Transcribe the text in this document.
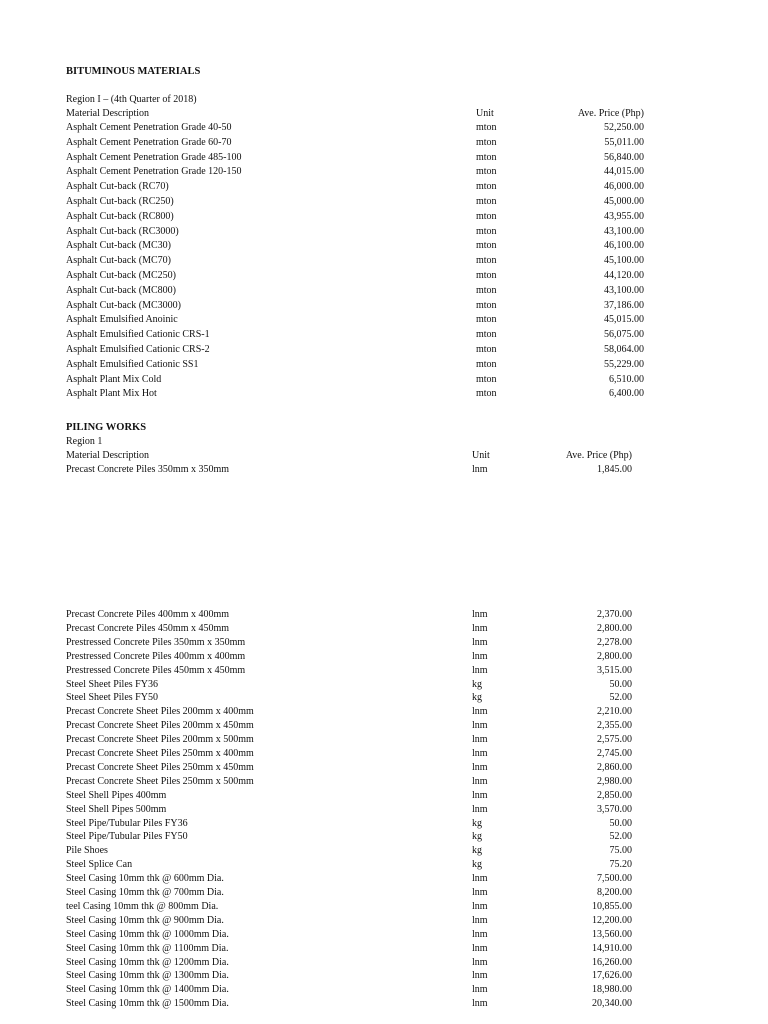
BITUMINOUS MATERIALS
Region I – (4th Quarter of 2018)
Material Description	Unit	Ave. Price (Php)
Asphalt Cement Penetration Grade 40-50	mton	52,250.00
Asphalt Cement Penetration Grade 60-70	mton	55,011.00
Asphalt Cement Penetration Grade 485-100	mton	56,840.00
Asphalt Cement Penetration Grade 120-150	mton	44,015.00
Asphalt Cut-back (RC70)	mton	46,000.00
Asphalt Cut-back (RC250)	mton	45,000.00
Asphalt Cut-back (RC800)	mton	43,955.00
Asphalt Cut-back (RC3000)	mton	43,100.00
Asphalt Cut-back (MC30)	mton	46,100.00
Asphalt Cut-back (MC70)	mton	45,100.00
Asphalt Cut-back (MC250)	mton	44,120.00
Asphalt Cut-back (MC800)	mton	43,100.00
Asphalt Cut-back (MC3000)	mton	37,186.00
Asphalt Emulsified Anoinic	mton	45,015.00
Asphalt Emulsified Cationic CRS-1	mton	56,075.00
Asphalt Emulsified Cationic CRS-2	mton	58,064.00
Asphalt Emulsified Cationic SS1	mton	55,229.00
Asphalt Plant Mix Cold	mton	6,510.00
Asphalt Plant Mix Hot	mton	6,400.00
PILING WORKS
Region 1
Material Description	Unit	Ave. Price (Php)
Precast Concrete Piles 350mm x 350mm	lnm	1,845.00
Precast Concrete Piles 400mm x 400mm	lnm	2,370.00
Precast Concrete Piles 450mm x 450mm	lnm	2,800.00
Prestressed Concrete Piles 350mm x 350mm	lnm	2,278.00
Prestressed Concrete Piles 400mm x 400mm	lnm	2,800.00
Prestressed Concrete Piles 450mm x 450mm	lnm	3,515.00
Steel Sheet Piles FY36	kg	50.00
Steel Sheet Piles FY50	kg	52.00
Precast Concrete Sheet Piles 200mm x 400mm	lnm	2,210.00
Precast Concrete Sheet Piles 200mm x 450mm	lnm	2,355.00
Precast Concrete Sheet Piles 200mm x 500mm	lnm	2,575.00
Precast Concrete Sheet Piles 250mm x 400mm	lnm	2,745.00
Precast Concrete Sheet Piles 250mm x 450mm	lnm	2,860.00
Precast Concrete Sheet Piles 250mm x 500mm	lnm	2,980.00
Steel Shell Pipes 400mm	lnm	2,850.00
Steel Shell Pipes 500mm	lnm	3,570.00
Steel Pipe/Tubular Piles FY36	kg	50.00
Steel Pipe/Tubular Piles FY50	kg	52.00
Pile Shoes	kg	75.00
Steel Splice Can	kg	75.20
Steel Casing 10mm thk @ 600mm Dia.	lnm	7,500.00
Steel Casing 10mm thk @ 700mm Dia.	lnm	8,200.00
teel Casing 10mm thk @ 800mm Dia.	lnm	10,855.00
Steel Casing 10mm thk @ 900mm Dia.	lnm	12,200.00
Steel Casing 10mm thk @ 1000mm Dia.	lnm	13,560.00
Steel Casing 10mm thk @ 1100mm Dia.	lnm	14,910.00
Steel Casing 10mm thk @ 1200mm Dia.	lnm	16,260.00
Steel Casing 10mm thk @ 1300mm Dia.	lnm	17,626.00
Steel Casing 10mm thk @ 1400mm Dia.	lnm	18,980.00
Steel Casing 10mm thk @ 1500mm Dia.	lnm	20,340.00
